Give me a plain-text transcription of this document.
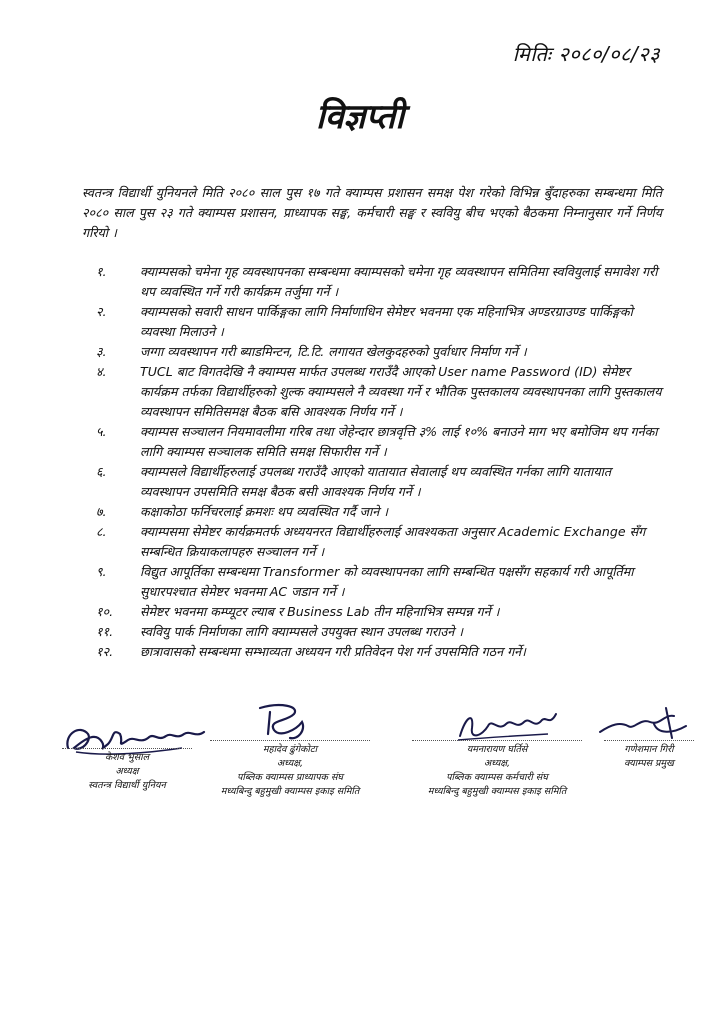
मितिः २०८०/०८/२३
विज्ञप्ती
स्वतन्त्र विद्यार्थी युनियनले मिति २०८० साल पुस १७ गते क्याम्पस प्रशासन समक्ष पेश गरेको विभिन्न बुँदाहरुका सम्बन्धमा मिति २०८० साल पुस २३ गते क्याम्पस प्रशासन, प्राध्यापक सङ्घ, कर्मचारी सङ्घ र स्ववियु बीच भएको बैठकमा निम्नानुसार गर्ने निर्णय गरियो ।
१.	क्याम्पसको चमेना गृह व्यवस्थापनका सम्बन्धमा क्याम्पसको चमेना गृह व्यवस्थापन समितिमा स्ववियुलाई समावेश गरी थप व्यवस्थित गर्ने गरी कार्यक्रम तर्जुमा गर्ने ।
२.	क्याम्पसको सवारी साधन पार्किङ्गका लागि निर्माणाधिन सेमेष्टर भवनमा एक महिनाभित्र अण्डरग्राउण्ड पार्किङ्गको व्यवस्था मिलाउने ।
३.	जग्गा व्यवस्थापन गरी ब्याडमिन्टन, टि.टि. लगायत खेलकुदहरुको पुर्वाधार निर्माण गर्ने ।
४.	TUCL बाट विगतदेखि नै क्याम्पस मार्फत उपलब्ध गराउँदै आएको User name Password (ID) सेमेष्टर कार्यक्रम तर्फका विद्यार्थीहरुको शुल्क क्याम्पसले नै व्यवस्था गर्ने र भौतिक पुस्तकालय व्यवस्थापनका लागि पुस्तकालय व्यवस्थापन समितिसमक्ष बैठक बसि आवश्यक निर्णय गर्ने ।
५.	क्याम्पस सञ्चालन नियमावलीमा गरिब तथा जेहेन्दार छात्रवृत्ति ३% लाई १०% बनाउने माग भए बमोजिम थप गर्नका लागि क्याम्पस सञ्चालक समिति समक्ष सिफारीस गर्ने ।
६.	क्याम्पसले विद्यार्थीहरुलाई उपलब्ध गराउँदै आएको यातायात सेवालाई थप व्यवस्थित गर्नका लागि यातायात व्यवस्थापन उपसमिति समक्ष बैठक बसी आवश्यक निर्णय गर्ने ।
७.	कक्षाकोठा फर्निचरलाई क्रमशः थप व्यवस्थित गर्दै जाने ।
८.	क्याम्पसमा सेमेष्टर कार्यक्रमतर्फ अध्ययनरत विद्यार्थीहरुलाई आवश्यकता अनुसार Academic Exchange सँग सम्बन्धित क्रियाकलापहरु सञ्चालन गर्ने ।
९.	विद्युत आपूर्तिका सम्बन्धमा Transformer को व्यवस्थापनका लागि सम्बन्धित पक्षसँग सहकार्य गरी आपूर्तिमा सुधारपश्चात सेमेष्टर भवनमा AC जडान गर्ने ।
१०.	सेमेष्टर भवनमा कम्प्यूटर ल्याब र Business Lab तीन महिनाभित्र सम्पन्न गर्ने ।
११.	स्ववियु पार्क निर्माणका लागि क्याम्पसले उपयुक्त स्थान उपलब्ध गराउने ।
१२.	छात्रावासको सम्बन्धमा सम्भाव्यता अध्ययन गरी प्रतिवेदन पेश गर्न उपसमिति गठन गर्ने।
केशव भुसाल
अध्यक्ष
स्वतन्त्र विद्यार्थी युनियन
महादेव ढुंगेकोटा
अध्यक्ष,
पब्लिक क्याम्पस प्राध्यापक संघ
मध्यबिन्दु बहुमुखी क्याम्पस इकाइ समिति
यमनारायण घर्तिसे
अध्यक्ष,
पब्लिक क्याम्पस कर्मचारी संघ
मध्यबिन्दु बहुमुखी क्याम्पस इकाइ समिति
गणेशमान गिरी
क्याम्पस प्रमुख
